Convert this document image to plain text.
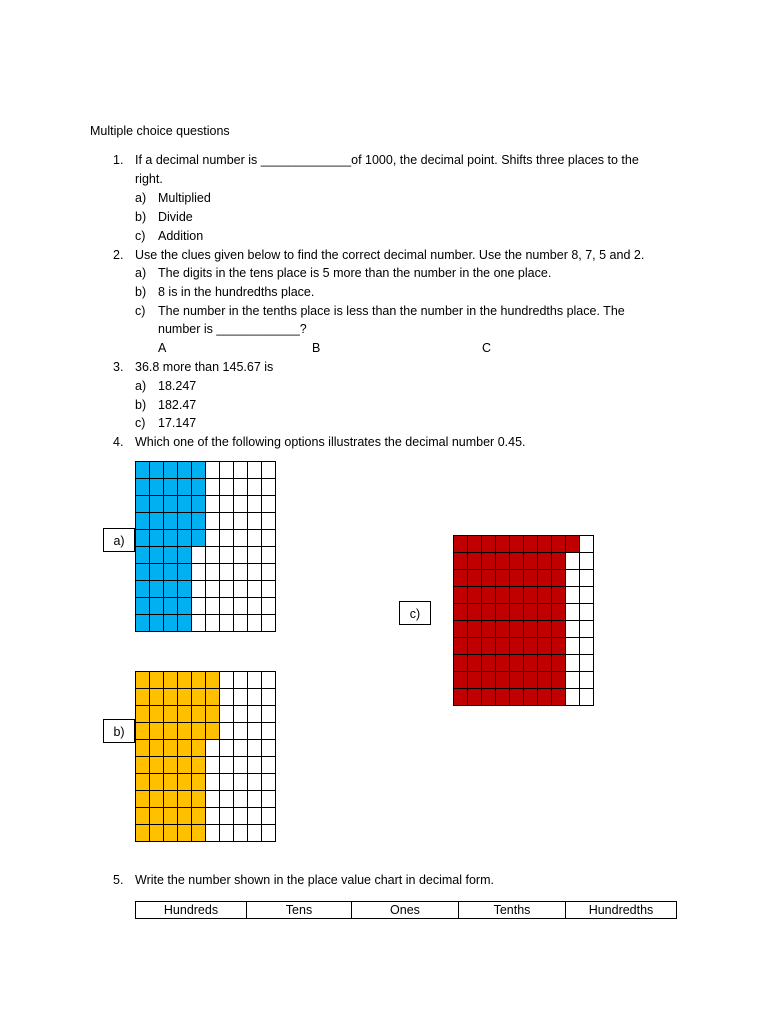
Multiple choice questions
1. If a decimal number is _____________of 1000, the decimal point. Shifts three places to the
right.
a) Multiplied
b) Divide
c) Addition
2. Use the clues given below to find the correct decimal number. Use the number 8, 7, 5 and 2.
a) The digits in the tens place is 5 more than the number in the one place.
b) 8 is in the hundredths place.
c) The number in the tenths place is less than the number in the hundredths place. The
number is ____________?
A	B	C
3. 36.8 more than 145.67 is
a) 18.247
b) 182.47
c) 17.147
4. Which one of the following options illustrates the decimal number 0.45.

a)

b)

c)
5. Write the number shown in the place value chart in decimal form.
Hundreds	Tens	Ones	Tenths	Hundredths
